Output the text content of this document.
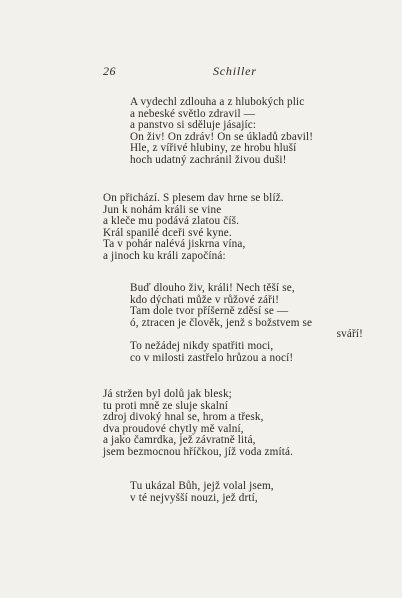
26	Schiller
A vydechl zdlouha a z hlubokých plic
a nebeské světlo zdravil —
a panstvo si sděluje jásajíc:
On živ! On zdráv! On se úkladů zbavil!
Hle, z vířivé hlubiny, ze hrobu hluší
hoch udatný zachránil živou duši!
On přichází. S plesem dav hrne se blíž.
Jun k nohám králi se vine
a kleče mu podává zlatou číš.
Král spanilé dceři své kyne.
Ta v pohár nalévá jiskrna vína,
a jinoch ku králi započíná:
Buď dlouho živ, králi! Nech těší se,
kdo dýchati může v růžové záři!
Tam dole tvor příšerně zděsí se —
ó, ztracen je člověk, jenž s božstvem se
sváří!
To nežádej nikdy spatřiti moci,
co v milosti zastřelo hrůzou a nocí!
Já stržen byl dolů jak blesk;
tu proti mně ze sluje skalní
zdroj divoký hnal se, hrom a třesk,
dva proudové chytly mě valní,
a jako čamrdka, jež závratně litá,
jsem bezmocnou hříčkou, jíž voda zmítá.
Tu ukázal Bůh, jejž volal jsem,
v té nejvyšší nouzi, jež drtí,
